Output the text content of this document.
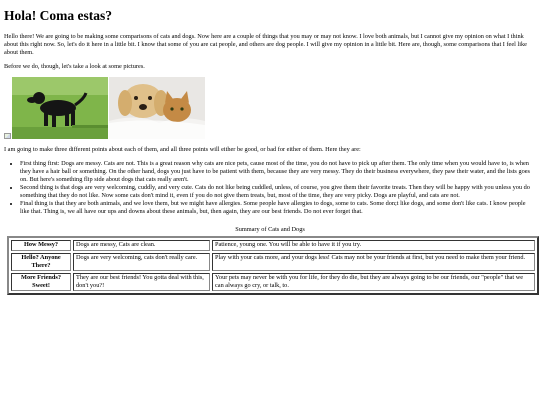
Hola! Coma estas?

Hello there! We are going to be making some comparisons of cats and dogs. Now here are a couple of things that you may or may not know. I love both animals, but I cannot give my opinion on what I think about this right now. So, let's do it here in a little bit. I know that some of you are cat people, and others are dog people. I will give my opinion in a little bit. Here are, though, some comparisons that I feel like about them.

Before we do, though, let's take a look at some pictures.

I am going to make three different points about each of them, and all three points will either be good, or bad for either of them. Here they are:

• First thing first: Dogs are messy. Cats are not. This is a great reason why cats are nice pets, cause most of the time, you do not have to pick up after them. The only time when you would have to, is when they have a hair ball or something. On the other hand, dogs you just have to be patient with them, because they are very messy. They do their business everywhere, they paw their water, and the lists goes on. But here's something flip side about dogs that cats really aren't.
• Second thing is that dogs are very welcoming, cuddly, and very cute. Cats do not like being cuddled, unless, of course, you give them their favorite treats. Then they will be happy with you unless you do something that they do not like. Now some cats don't mind it, even if you do not give them treats, but, most of the time, they are very picky. Dogs are playful, and cats are not.
• Final thing is that they are both animals, and we love them, but we might have allergies. Some people have allergies to dogs, some to cats. Some don;t like dogs, and some don't like cats. I know people like that. Thing is, we all have our ups and downs about these animals, but, then again, they are our best friends. Do not ever forget that.
Summary of Cats and Dogs
How Messy?	Dogs are messy, Cats are clean.	Patience, young one. You will be able to have it if you try.
Hello? Anyone There?	Dogs are very welcoming, cats don't really care.	Play with your cats more, and your dogs less! Cats may not be your friends at first, but you need to make them your friend.
More Friends? Sweet!	They are our best friends! You gotta deal with this, don't you?!	Your pets may never be with you for life, for they do die, but they are always going to be our friends, our "people" that we can always go cry, or talk, to.
